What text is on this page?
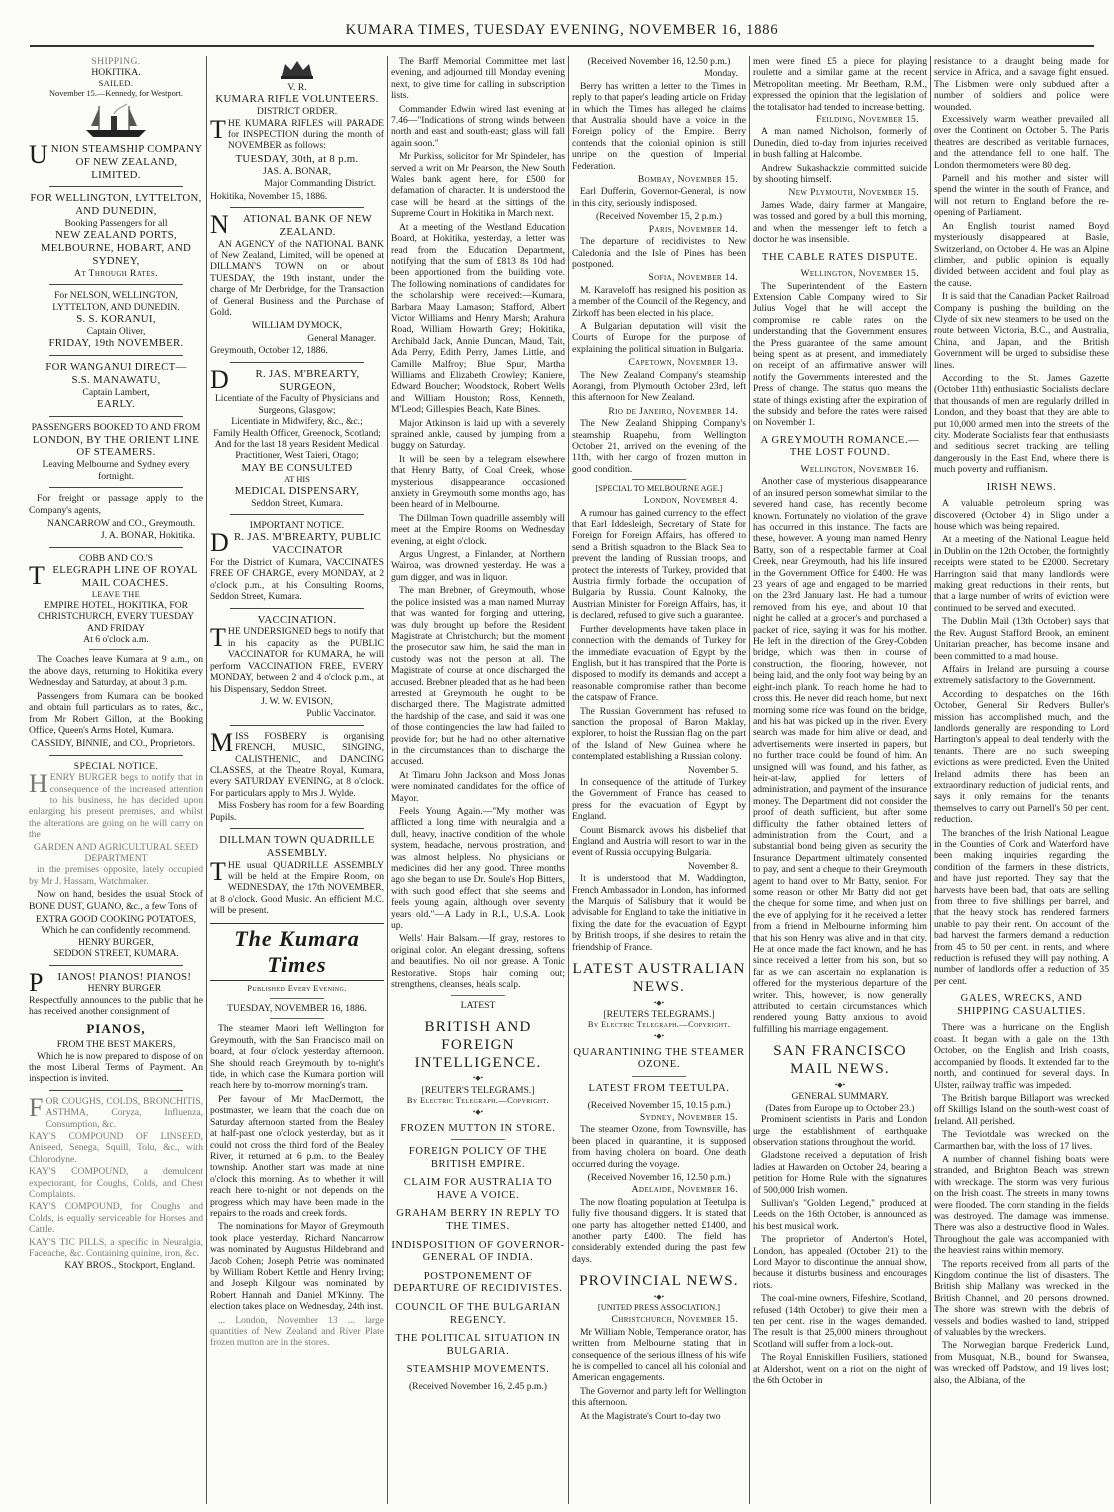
KUMARA TIMES, TUESDAY EVENING, NOVEMBER 16, 1886
SHIPPING.
HOKITIKA.
SAILED.
November 15.—Kennedy, for Westport.
UNION STEAMSHIP COMPANY OF NEW ZEALAND, LIMITED.
FOR WELLINGTON, LYTTELTON, AND DUNEDIN,
Booking Passengers for all
NEW ZEALAND PORTS, MELBOURNE, HOBART, AND SYDNEY,
At Through Rates.
For NELSON, WELLINGTON, LYTTELTON, AND DUNEDIN.
S. S. KORANUI,
Captain Oliver,
FRIDAY, 19th NOVEMBER.
FOR WANGANUI DIRECT—
S.S. MANAWATU,
Captain Lambert,
EARLY.
PASSENGERS BOOKED TO AND FROM
LONDON, BY THE ORIENT LINE OF STEAMERS.
Leaving Melbourne and Sydney every fortnight.
For freight or passage apply to the Company's agents,
NANCARROW and CO., Greymouth.
J. A. BONAR, Hokitika.
COBB AND CO.'S
TELEGRAPH LINE OF ROYAL MAIL COACHES.
LEAVE THE
EMPIRE HOTEL, HOKITIKA, FOR CHRISTCHURCH, EVERY TUESDAY AND FRIDAY
At 6 o'clock a.m.
The Coaches leave Kumara at 9 a.m., on the above days, returning to Hokitika every Wednesday and Saturday, at about 3 p.m.
Passengers from Kumara can be booked and obtain full particulars as to rates, &c., from Mr Robert Gillon, at the Booking Office, Queen's Arms Hotel, Kumara.
CASSIDY, BINNIE, and CO., Proprietors.
SPECIAL NOTICE.
HENRY BURGER begs to notify that in consequence of the increased attention to his business, he has decided upon enlarging his present premises, and whilst the alterations are going on he will carry on the
GARDEN AND AGRICULTURAL SEED DEPARTMENT
in the premises opposite, lately occupied by Mr J. Hassam, Watchmaker.
Now on hand, besides the usual Stock of BONE DUST, GUANO, &c., a few Tons of
EXTRA GOOD COOKING POTATOES,
Which he can confidently recommend.
HENRY BURGER,
SEDDON STREET, KUMARA.
PIANOS! PIANOS! PIANOS!
HENRY BURGER
Respectfully announces to the public that he has received another consignment of
PIANOS,
FROM THE BEST MAKERS,
Which he is now prepared to dispose of on the most Liberal Terms of Payment. An inspection is invited.
FOR COUGHS, COLDS, BRONCHITIS, ASTHMA, Coryza, Influenza, Consumption, &c.
KAY'S COMPOUND OF LINSEED, Aniseed, Senega, Squill, Tolu, &c., with Chlorodyne.
KAY'S COMPOUND, a demulcent expectorant, for Coughs, Colds, and Chest Complaints.
KAY'S COMPOUND, for Coughs and Colds, is equally serviceable for Horses and Cattle.
KAY'S TIC PILLS, a specific in Neuralgia, Faceache, &c. Containing quinine, iron, &c.
KAY BROS., Stockport, England.
V. R.
KUMARA RIFLE VOLUNTEERS.
DISTRICT ORDER.
THE KUMARA RIFLES will PARADE for INSPECTION during the month of NOVEMBER as follows:
TUESDAY, 30th, at 8 p.m.
JAS. A. BONAR,
Major Commanding District.
Hokitika, November 15, 1886.
NATIONAL BANK OF NEW ZEALAND.
AN AGENCY of the NATIONAL BANK of New Zealand, Limited, will be opened at DILLMAN'S TOWN on or about TUESDAY, the 19th instant, under the charge of Mr Derbridge, for the Transaction of General Business and the Purchase of Gold.
WILLIAM DYMOCK,
General Manager.
Greymouth, October 12, 1886.
DR. JAS. M'BREARTY, SURGEON,
Licentiate of the Faculty of Physicians and Surgeons, Glasgow;
Licentiate in Midwifery, &c., &c.;
Family Health Officer, Greenock, Scotland;
And for the last 18 years Resident Medical Practitioner, West Taieri, Otago;
MAY BE CONSULTED
AT HIS
MEDICAL DISPENSARY,
Seddon Street, Kumara.
IMPORTANT NOTICE.
DR. JAS. M'BREARTY, PUBLIC VACCINATOR
For the District of Kumara, VACCINATES FREE OF CHARGE, every MONDAY, at 2 o'clock p.m., at his Consulting Rooms, Seddon Street, Kumara.
VACCINATION.
THE UNDERSIGNED begs to notify that in his capacity as the PUBLIC VACCINATOR for KUMARA, he will perform VACCINATION FREE, EVERY MONDAY, between 2 and 4 o'clock p.m., at his Dispensary, Seddon Street.
J. W. W. EVISON,
Public Vaccinator.
MISS FOSBERY is organising FRENCH, MUSIC, SINGING, CALISTHENIC, and DANCING CLASSES, at the Theatre Royal, Kumara, every SATURDAY EVENING, at 8 o'clock. For particulars apply to Mrs J. Wylde.
Miss Fosbery has room for a few Boarding Pupils.
DILLMAN TOWN QUADRILLE ASSEMBLY.
THE usual QUADRILLE ASSEMBLY will be held at the Empire Room, on WEDNESDAY, the 17th NOVEMBER, at 8 o'clock. Good Music. An efficient M.C. will be present.
The Kumara Times
Published Every Evening.
TUESDAY, NOVEMBER 16, 1886.
The steamer Maori left Wellington for Greymouth, with the San Francisco mail on board, at four o'clock yesterday afternoon. She should reach Greymouth by to-night's tide, in which case the Kumara portion will reach here by to-morrow morning's tram.
Per favour of Mr MacDermott, the postmaster, we learn that the coach due on Saturday afternoon started from the Bealey at half-past one o'clock yesterday, but as it could not cross the third ford of the Bealey River, it returned at 6 p.m. to the Bealey township. Another start was made at nine o'clock this morning. As to whether it will reach here to-night or not depends on the progress which may have been made in the repairs to the roads and creek fords.
The nominations for Mayor of Greymouth took place yesterday. Richard Nancarrow was nominated by Augustus Hildebrand and Jacob Cohen; Joseph Petrie was nominated by William Robert Kettle and Henry Irving; and Joseph Kilgour was nominated by Robert Hannah and Daniel M'Kinny. The election takes place on Wednesday, 24th inst.
... London, November 13 ... large quantities of New Zealand and River Plate frozen mutton are in the stores.
The Barff Memorial Committee met last evening, and adjourned till Monday evening next, to give time for calling in subscription lists.
Commander Edwin wired last evening at 7.46—"Indications of strong winds between north and east and south-east; glass will fall again soon."
Mr Purkiss, solicitor for Mr Spindeler, has served a writ on Mr Pearson, the New South Wales bank agent here, for £500 for defamation of character. It is understood the case will be heard at the sittings of the Supreme Court in Hokitika in March next.
At a meeting of the Westland Education Board, at Hokitika, yesterday, a letter was read from the Education Department, notifying that the sum of £813 8s 10d had been apportioned from the building vote. The following nominations of candidates for the scholarship were received:—Kumara, Barbara Maay Lamason; Stafford, Albert Victor Williams and Henry Marsh; Arahura Road, William Howarth Grey; Hokitika, Archibald Jack, Annie Duncan, Maud, Tait, Ada Perry, Edith Perry, James Little, and Camille Malfroy; Blue Spur, Martha Williams and Elizabeth Crowley; Kaniere, Edward Boucher; Woodstock, Robert Wells and William Houston; Ross, Kenneth, M'Leod; Gillespies Beach, Kate Bines.
Major Atkinson is laid up with a severely sprained ankle, caused by jumping from a buggy on Saturday.
It will be seen by a telegram elsewhere that Henry Batty, of Coal Creek, whose mysterious disappearance occasioned anxiety in Greymouth some months ago, has been heard of in Melbourne.
The Dillman Town quadrille assembly will meet at the Empire Rooms on Wednesday evening, at eight o'clock.
Argus Ungrest, a Finlander, at Northern Wairoa, was drowned yesterday. He was a gum digger, and was in liquor.
The man Brebner, of Greymouth, whose the police insisted was a man named Murray that was wanted for forging and uttering, was duly brought up before the Resident Magistrate at Christchurch; but the moment the prosecutor saw him, he said the man in custody was not the person at all. The Magistrate of course at once discharged the accused. Brebner pleaded that as he had been arrested at Greymouth he ought to be discharged there. The Magistrate admitted the hardship of the case, and said it was one of those contingencies the law had failed to provide for; but he had no other alternative in the circumstances than to discharge the accused.
At Timaru John Jackson and Moss Jonas were nominated candidates for the office of Mayor.
Feels Young Again.—"My mother was afflicted a long time with neuralgia and a dull, heavy, inactive condition of the whole system, headache, nervous prostration, and was almost helpless. No physicians or medicines did her any good. Three months ago she began to use Dr. Soule's Hop Bitters, with such good effect that she seems and feels young again, although over seventy years old."—A Lady in R.I., U.S.A. Look up.
Wells' Hair Balsam.—If gray, restores to original color. An elegant dressing, softens and beautifies. No oil nor grease. A Tonic Restorative. Stops hair coming out; strengthens, cleanses, heals scalp.
LATEST
BRITISH AND FOREIGN INTELLIGENCE.
•◆•
[REUTER'S TELEGRAMS.]
By Electric Telegraph.—Copyright.
•◆•
FROZEN MUTTON IN STORE.
FOREIGN POLICY OF THE BRITISH EMPIRE.
CLAIM FOR AUSTRALIA TO HAVE A VOICE.
GRAHAM BERRY IN REPLY TO THE TIMES.
INDISPOSITION OF GOVERNOR-GENERAL OF INDIA.
POSTPONEMENT OF DEPARTURE OF RECIDIVISTES.
COUNCIL OF THE BULGARIAN REGENCY.
THE POLITICAL SITUATION IN BULGARIA.
STEAMSHIP MOVEMENTS.
(Received November 16, 2.45 p.m.)
(Received November 16, 12.50 p.m.)
Monday.
Berry has written a letter to the Times in reply to that paper's leading article on Friday in which the Times has alleged he claims that Australia should have a voice in the Foreign policy of the Empire. Berry contends that the colonial opinion is still unripe on the question of Imperial Federation.
Bombay, November 15.
Earl Dufferin, Governor-General, is now in this city, seriously indisposed.
(Received November 15, 2 p.m.)
Paris, November 14.
The departure of recidivistes to New Caledonia and the Isle of Pines has been postponed.
Sofia, November 14.
M. Karaveloff has resigned his position as a member of the Council of the Regency, and Zirkoff has been elected in his place.
A Bulgarian deputation will visit the Courts of Europe for the purpose of explaining the political situation in Bulgaria.
Capetown, November 13.
The New Zealand Company's steamship Aorangi, from Plymouth October 23rd, left this afternoon for New Zealand.
Rio de Janeiro, November 14.
The New Zealand Shipping Company's steamship Ruapehu, from Wellington October 21, arrived on the evening of the 11th, with her cargo of frozen mutton in good condition.
[SPECIAL TO MELBOURNE AGE.]
London, November 4.
A rumour has gained currency to the effect that Earl Iddesleigh, Secretary of State for Foreign for Foreign Affairs, has offered to send a British squadron to the Black Sea to prevent the landing of Russian troops, and protect the interests of Turkey, provided that Austria firmly forbade the occupation of Bulgaria by Russia. Count Kalnoky, the Austrian Minister for Foreign Affairs, has, it is declared, refused to give such a guarantee.
Further developments have taken place in connection with the demands of Turkey for the immediate evacuation of Egypt by the English, but it has transpired that the Porte is disposed to modify its demands and accept a reasonable compromise rather than become the catspaw of France.
The Russian Government has refused to sanction the proposal of Baron Maklay, explorer, to hoist the Russian flag on the part of the Island of New Guinea where he contemplated establishing a Russian colony.
November 5.
In consequence of the attitude of Turkey the Government of France has ceased to press for the evacuation of Egypt by England.
Count Bismarck avows his disbelief that England and Austria will resort to war in the event of Russia occupying Bulgaria.
November 8.
It is understood that M. Waddington, French Ambassador in London, has informed the Marquis of Salisbury that it would be advisable for England to take the initiative in fixing the date for the evacuation of Egypt by British troops, if she desires to retain the friendship of France.
LATEST AUSTRALIAN NEWS.
•◆•
[REUTERS TELEGRAMS.]
By Electric Telegraph.—Copyright.
•◆•
QUARANTINING THE STEAMER OZONE.
LATEST FROM TEETULPA.
(Received November 15, 10.15 p.m.)
Sydney, November 15.
The steamer Ozone, from Townsville, has been placed in quarantine, it is supposed from having cholera on board. One death occurred during the voyage.
(Received November 16, 12.50 p.m.)
Adelaide, November 16.
The now floating population at Teetulpa is fully five thousand diggers. It is stated that one party has altogether netted £1400, and another party £400. The field has considerably extended during the past few days.
PROVINCIAL NEWS.
•◆•
[UNITED PRESS ASSOCIATION.]
Christchurch, November 15.
Mr William Noble, Temperance orator, has written from Melbourne stating that in consequence of the serious illness of his wife he is compelled to cancel all his colonial and American engagements.
The Governor and party left for Wellington this afternoon.
At the Magistrate's Court to-day two
men were fined £5 a piece for playing roulette and a similar game at the recent Metropolitan meeting. Mr Beetham, R.M., expressed the opinion that the legislation of the totalisator had tended to increase betting.
Feilding, November 15.
A man named Nicholson, formerly of Dunedin, died to-day from injuries received in bush falling at Halcombe.
Andrew Sukashackzie committed suicide by shooting himself.
New Plymouth, November 15.
James Wade, dairy farmer at Mangaire, was tossed and gored by a bull this morning, and when the messenger left to fetch a doctor he was insensible.
THE CABLE RATES DISPUTE.
Wellington, November 15.
The Superintendent of the Eastern Extension Cable Company wired to Sir Julius Vogel that he will accept the compromise re cable rates on the understanding that the Government ensures the Press guarantee of the same amount being spent as at present, and immediately on receipt of an affirmative answer will notify the Governments interested and the Press of change. The status quo means the state of things existing after the expiration of the subsidy and before the rates were raised on November 1.
A GREYMOUTH ROMANCE.—THE LOST FOUND.
Wellington, November 16.
Another case of mysterious disappearance of an insured person somewhat similar to the severed hand case, has recently become known. Fortunately no violation of the grave has occurred in this instance. The facts are these, however. A young man named Henry Batty, son of a respectable farmer at Coal Creek, near Greymouth, had his life insured in the Government Office for £400. He was 23 years of age and engaged to be married on the 23rd January last. He had a tumour removed from his eye, and about 10 that night he called at a grocer's and purchased a packet of rice, saying it was for his mother. He left in the direction of the Grey-Cobden bridge, which was then in course of construction, the flooring, however, not being laid, and the only foot way being by an eight-inch plank. To reach home he had to cross this. He never did reach home, but next morning some rice was found on the bridge, and his hat was picked up in the river. Every search was made for him alive or dead, and advertisements were inserted in papers, but no further trace could be found of him. An unsigned will was found, and his father, as heir-at-law, applied for letters of administration, and payment of the insurance money. The Department did not consider the proof of death sufficient, but after some difficulty the father obtained letters of administration from the Court, and a substantial bond being given as security the Insurance Department ultimately consented to pay, and sent a cheque to their Greymouth agent to hand over to Mr Batty, senior. For some reason or other Mr Batty did not get the cheque for some time, and when just on the eve of applying for it he received a letter from a friend in Melbourne informing him that his son Henry was alive and in that city. He at once made the fact known, and he has since received a letter from his son, but so far as we can ascertain no explanation is offered for the mysterious departure of the writer. This, however, is now generally attributed to certain circumstances which rendered young Batty anxious to avoid fulfilling his marriage engagement.
SAN FRANCISCO MAIL NEWS.
•◆•
GENERAL SUMMARY.
(Dates from Europe up to October 23.)
Prominent scientists in Paris and London urge the establishment of earthquake observation stations throughout the world.
Gladstone received a deputation of Irish ladies at Hawarden on October 24, bearing a petition for Home Rule with the signatures of 500,000 Irish women.
Sullivan's "Golden Legend," produced at Leeds on the 16th October, is announced as his best musical work.
The proprietor of Anderton's Hotel, London, has appealed (October 21) to the Lord Mayor to discontinue the annual show, because it disturbs business and encourages riots.
The coal-mine owners, Fifeshire, Scotland, refused (14th October) to give their men a ten per cent. rise in the wages demanded. The result is that 25,000 miners throughout Scotland will suffer from a lock-out.
The Royal Enniskillen Fusiliers, stationed at Aldershot, went on a riot on the night of the 6th October in
resistance to a draught being made for service in Africa, and a savage fight ensued. The Lisbmen were only subdued after a number of soldiers and police were wounded.
Excessively warm weather prevailed all over the Continent on October 5. The Paris theatres are described as veritable furnaces, and the attendance fell to one half. The London thermometers were 80 deg.
Parnell and his mother and sister will spend the winter in the south of France, and will not return to England before the re-opening of Parliament.
An English tourist named Boyd mysteriously disappeared at Basle, Switzerland, on October 4. He was an Alpine climber, and public opinion is equally divided between accident and foul play as the cause.
It is said that the Canadian Packet Railroad Company is pushing the building on the Clyde of six new steamers to be used on the route between Victoria, B.C., and Australia, China, and Japan, and the British Government will be urged to subsidise these lines.
According to the St. James Gazette (October 11th) enthusiastic Socialists declare that thousands of men are regularly drilled in London, and they boast that they are able to put 10,000 armed men into the streets of the city. Moderate Socialists fear that enthusiasts and seditious secret tracking are telling dangerously in the East End, where there is much poverty and ruffianism.
IRISH NEWS.
A valuable petroleum spring was discovered (October 4) in Sligo under a house which was being repaired.
At a meeting of the National League held in Dublin on the 12th October, the fortnightly receipts were stated to be £2000. Secretary Harrington said that many landlords were making great reductions in their rents, but that a large number of writs of eviction were continued to be served and executed.
The Dublin Mail (13th October) says that the Rev. August Stafford Brook, an eminent Unitarian preacher, has become insane and been committed to a mad house.
Affairs in Ireland are pursuing a course extremely satisfactory to the Government.
According to despatches on the 16th October, General Sir Redvers Buller's mission has accomplished much, and the landlords generally are responding to Lord Hartington's appeal to deal tenderly with the tenants. There are no such sweeping evictions as were predicted. Even the United Ireland admits there has been an extraordinary reduction of judicial rents, and says it only remains for the tenants themselves to carry out Parnell's 50 per cent. reduction.
The branches of the Irish National League in the Counties of Cork and Waterford have been making inquiries regarding the condition of the farmers in these districts, and have just reported. They say that the harvests have been bad, that oats are selling from three to five shillings per barrel, and that the heavy stock has rendered farmers unable to pay their rent. On account of the bad harvest the farmers demand a reduction from 45 to 50 per cent. in rents, and where reduction is refused they will pay nothing. A number of landlords offer a reduction of 35 per cent.
GALES, WRECKS, AND SHIPPING CASUALTIES.
There was a hurricane on the English coast. It began with a gale on the 13th October, on the English and Irish coasts, accompanied by floods. It extended far to the north, and continued for several days. In Ulster, railway traffic was impeded.
The British barque Billaport was wrecked off Skilligs Island on the south-west coast of Ireland. All perished.
The Teviotdale was wrecked on the Carmarthen bar, with the loss of 17 lives.
A number of channel fishing boats were stranded, and Brighton Beach was strewn with wreckage. The storm was very furious on the Irish coast. The streets in many towns were flooded. The corn standing in the fields was destroyed. The damage was immense. There was also a destructive flood in Wales. Throughout the gale was accompanied with the heaviest rains within memory.
The reports received from all parts of the Kingdom continue the list of disasters. The British ship Mallany was wrecked in the British Channel, and 20 persons drowned. The shore was strewn with the debris of vessels and bodies washed to land, stripped of valuables by the wreckers.
The Norwegian barque Frederick Lund, from Musquat, N.B., bound for Swansea, was wrecked off Padstow, and 19 lives lost; also, the Albiana, of the
